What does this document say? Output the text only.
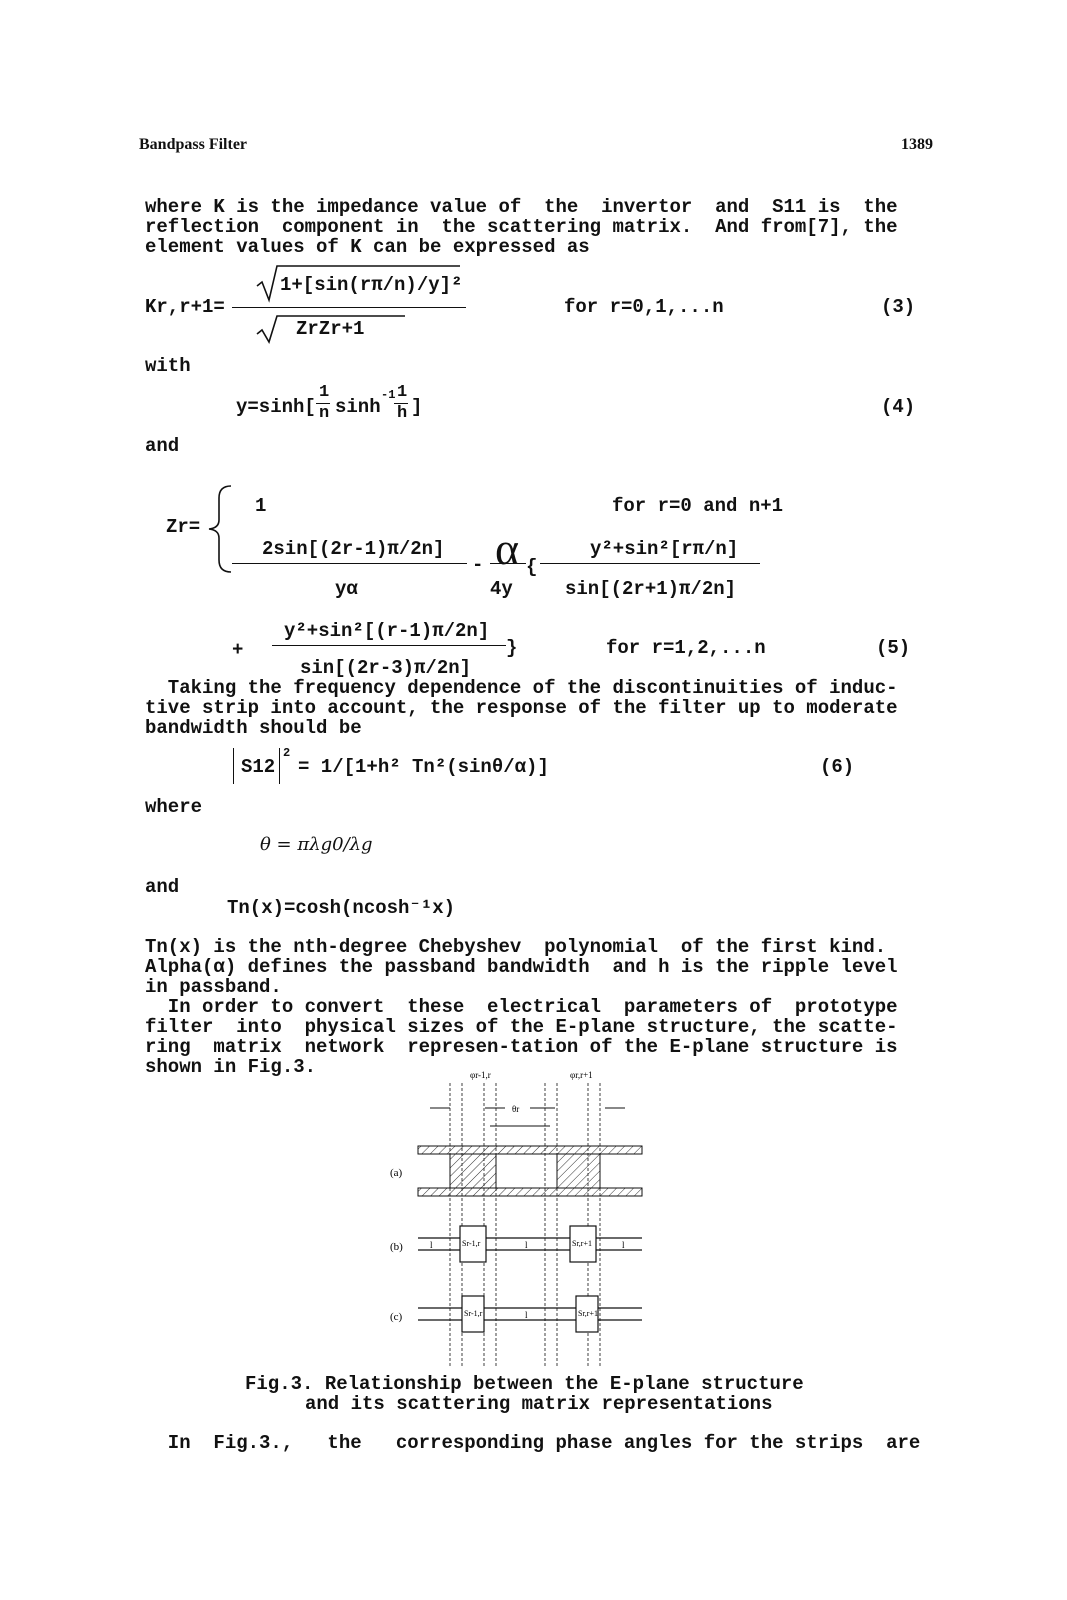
Bandpass Filter	1389
where K is the impedance value of  the  invertor  and  S11 is  the
reflection  component in  the scattering matrix.  And from[7], the
element values of K can be expressed as
1+[sin(rπ/n)/y]²
Kr,r+1=
ZrZr+1
for r=0,1,...n	(3)
with
y=sinh[
1
n sinh
-1 1
h ]	(4)
and
Zr=
1	for r=0 and n+1
2sin[(2r-1)π/2n]
yα
- α
4y
{
y²+sin²[rπ/n]
sin[(2r+1)π/2n]
+
y²+sin²[(r-1)π/2n]
}
sin[(2r-3)π/2n]
for r=1,2,...n	(5)
Taking the frequency dependence of the discontinuities of induc-
tive strip into account, the response of the filter up to moderate
bandwidth should be
S12
2
= 1/[1+h² Tn²(sinθ/α)]	(6)
where
θ = πλg0/λg
and
Tn(x)=cosh(ncosh⁻¹x)
Tn(x) is the nth-degree Chebyshev  polynomial  of the first kind.
Alpha(α) defines the passband bandwidth  and h is the ripple level
in passband.
In order to convert  these  electrical  parameters of  prototype
filter  into  physical sizes of the E-plane structure, the scatte-
ring  matrix  network  represen-tation of the E-plane structure is
shown in Fig.3.	φr-1,r	φr,r+1
θr
(a)
(b)	Sr-1,r	Sr,r+1
l	l	l
(c)	Sr-1,r	Sr,r+1
l
Fig.3. Relationship between the E-plane structure
and its scattering matrix representations
In  Fig.3.,   the   corresponding phase angles for the strips  are
